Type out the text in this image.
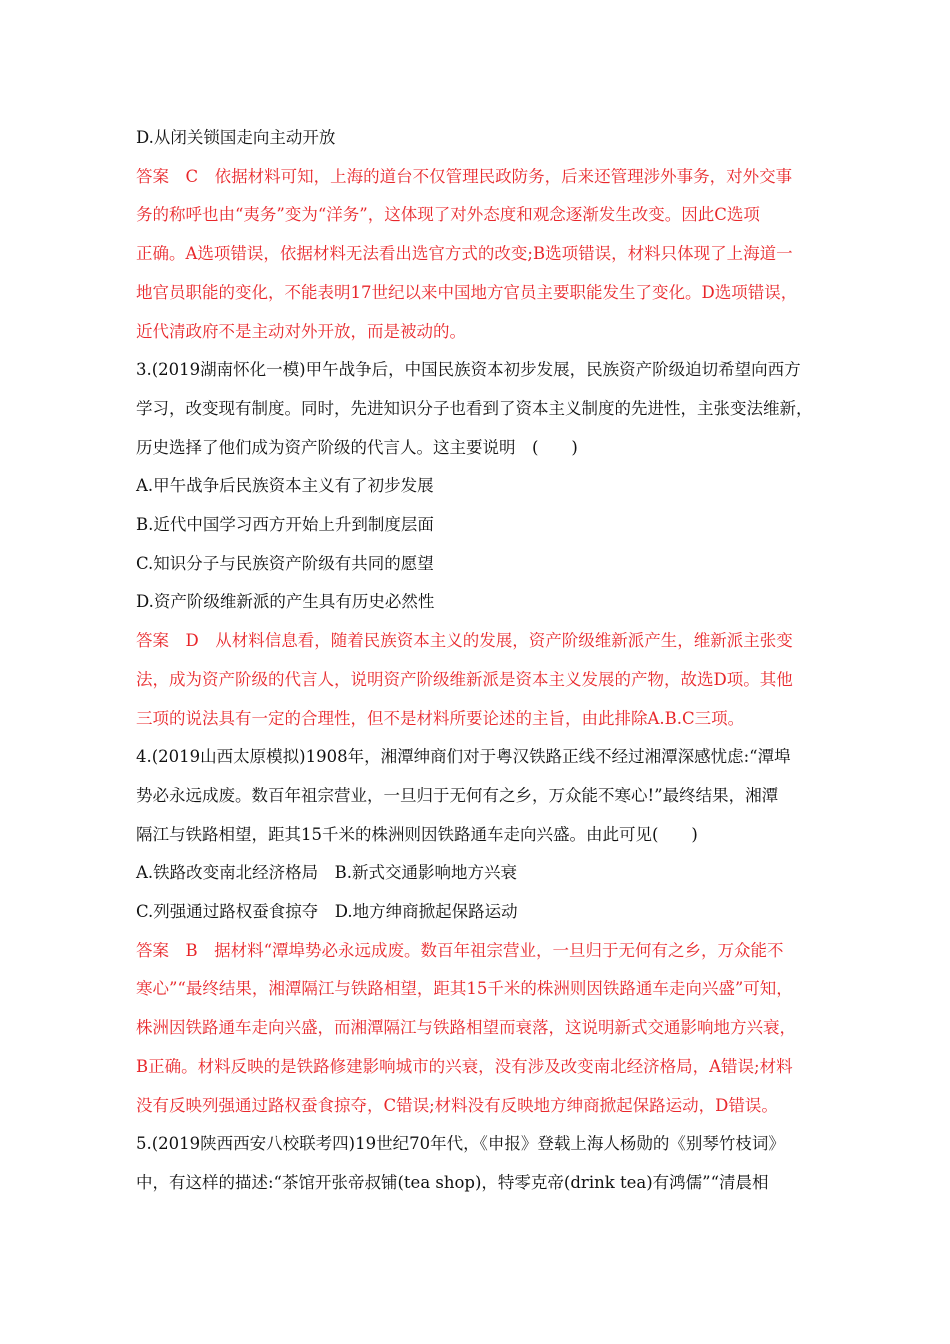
D.从闭关锁国走向主动开放
答案　C　依据材料可知，上海的道台不仅管理民政防务，后来还管理涉外事务，对外交事
务的称呼也由“夷务”变为“洋务”，这体现了对外态度和观念逐渐发生改变。因此C选项
正确。A选项错误，依据材料无法看出选官方式的改变;B选项错误，材料只体现了上海道一
地官员职能的变化，不能表明17世纪以来中国地方官员主要职能发生了变化。D选项错误，
近代清政府不是主动对外开放，而是被动的。
3.(2019湖南怀化一模)甲午战争后，中国民族资本初步发展，民族资产阶级迫切希望向西方
学习，改变现有制度。同时，先进知识分子也看到了资本主义制度的先进性，主张变法维新，
历史选择了他们成为资产阶级的代言人。这主要说明　(　　)
A.甲午战争后民族资本主义有了初步发展
B.近代中国学习西方开始上升到制度层面
C.知识分子与民族资产阶级有共同的愿望
D.资产阶级维新派的产生具有历史必然性
答案　D　从材料信息看，随着民族资本主义的发展，资产阶级维新派产生，维新派主张变
法，成为资产阶级的代言人，说明资产阶级维新派是资本主义发展的产物，故选D项。其他
三项的说法具有一定的合理性，但不是材料所要论述的主旨，由此排除A.B.C三项。
4.(2019山西太原模拟)1908年，湘潭绅商们对于粤汉铁路正线不经过湘潭深感忧虑:“潭埠
势必永远成废。数百年祖宗营业，一旦归于无何有之乡，万众能不寒心!”最终结果，湘潭
隔江与铁路相望，距其15千米的株洲则因铁路通车走向兴盛。由此可见(　　)
A.铁路改变南北经济格局　B.新式交通影响地方兴衰
C.列强通过路权蚕食掠夺　D.地方绅商掀起保路运动
答案　B　据材料“潭埠势必永远成废。数百年祖宗营业，一旦归于无何有之乡，万众能不
寒心”“最终结果，湘潭隔江与铁路相望，距其15千米的株洲则因铁路通车走向兴盛”可知，
株洲因铁路通车走向兴盛，而湘潭隔江与铁路相望而衰落，这说明新式交通影响地方兴衰，
B正确。材料反映的是铁路修建影响城市的兴衰，没有涉及改变南北经济格局，A错误;材料
没有反映列强通过路权蚕食掠夺，C错误;材料没有反映地方绅商掀起保路运动，D错误。
5.(2019陕西西安八校联考四)19世纪70年代，《申报》登载上海人杨勋的《别琴竹枝词》
中，有这样的描述:“茶馆开张帝叔铺(tea shop)，特零克帝(drink tea)有鸿儒”“清晨相
